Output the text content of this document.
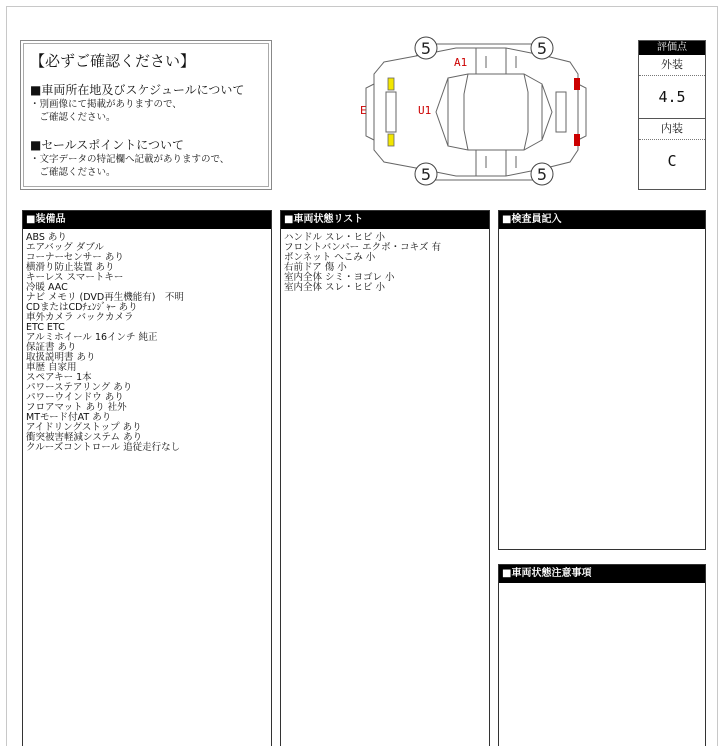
【必ずご確認ください】
■車両所在地及びスケジュールについて

・別画像にて掲載がありますので、

　ご確認ください。

■セールスポイントについて

・文字データの特記欄へ記載がありますので、

　ご確認ください。

5	5
5	5
A1
U1
E
評価点
外装
4.5
内装
C
■装備品
ABS あり
エアバッグ ダブル
コーナーセンサー あり
横滑り防止装置 あり
キーレス スマートキー
冷暖 AAC
ナビ メモリ (DVD再生機能有)　不明
CDまたはCDﾁｪﾝｼﾞｬｰ あり
車外カメラ バックカメラ
ETC ETC
アルミホイール 16インチ 純正
保証書 あり
取扱説明書 あり
車歴 自家用
スペアキー 1本
パワーステアリング あり
パワーウインドウ あり
フロアマット あり 社外
MTモード付AT あり
アイドリングストップ あり
衝突被害軽減システム あり
クルーズコントロール 追従走行なし
■車両状態リスト
ハンドル スレ・ヒビ 小
フロントバンパー エクボ・コキズ 有
ボンネット へこみ 小
右前ドア 傷 小
室内全体 シミ・ヨゴレ 小
室内全体 スレ・ヒビ 小
■検査員記入
■車両状態注意事項
